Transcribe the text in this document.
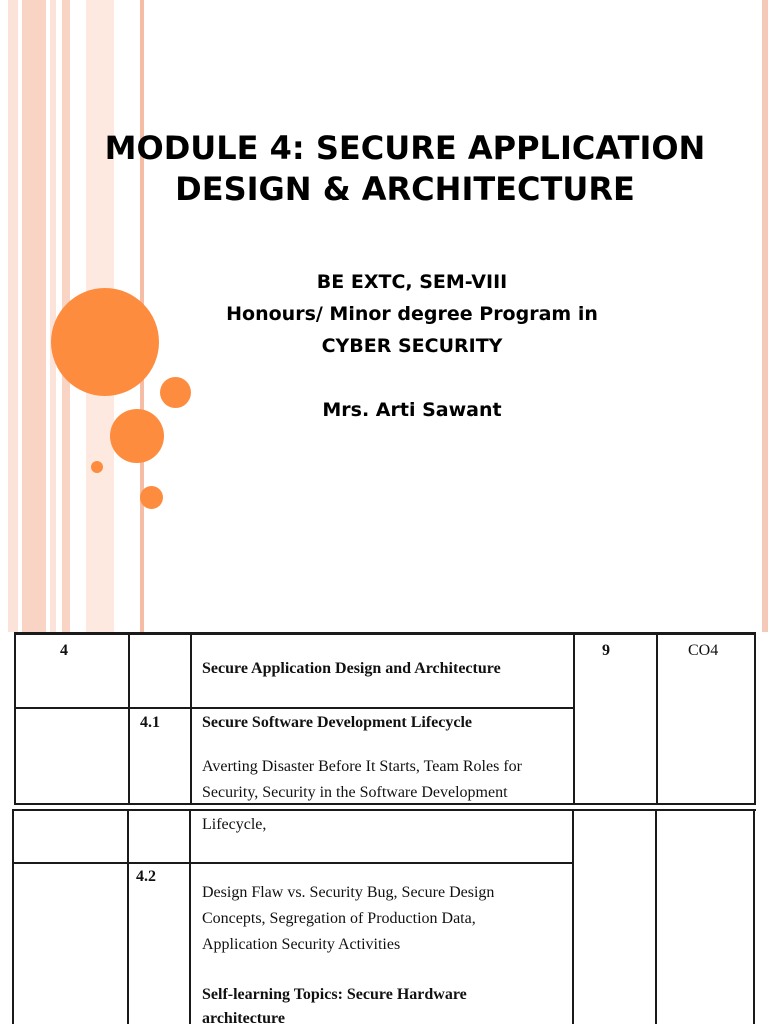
MODULE 4: SECURE APPLICATION
DESIGN & ARCHITECTURE
BE EXTC, SEM-VIII
Honours/ Minor degree Program in
CYBER SECURITY
Mrs. Arti Sawant
4
Secure Application Design and Architecture
9	CO4
4.1	Secure Software Development Lifecycle
Averting Disaster Before It Starts, Team Roles for
Security, Security in the Software Development
Lifecycle,
4.2
Design Flaw vs. Security Bug, Secure Design
Concepts, Segregation of Production Data,
Application Security Activities
Self-learning Topics: Secure Hardware
architecture
